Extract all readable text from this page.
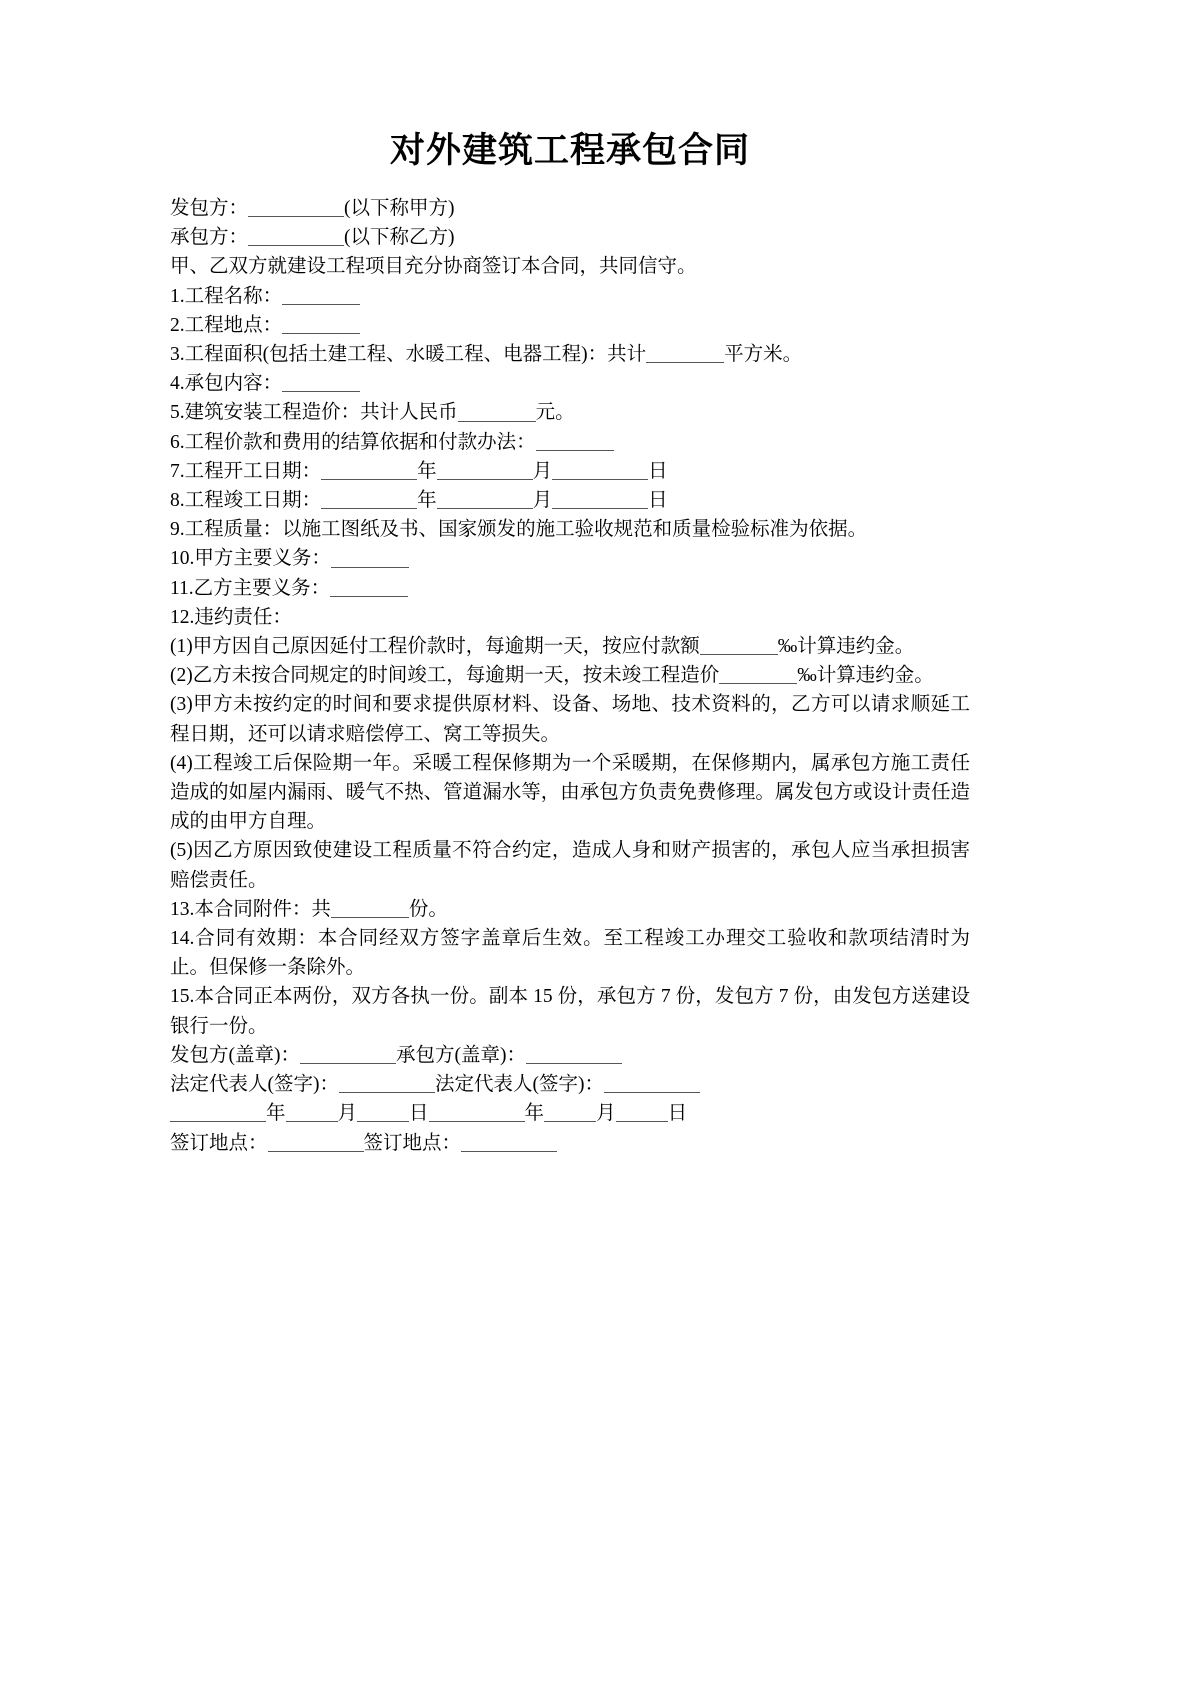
对外建筑工程承包合同

发包方：	(以下称甲方)

承包方：	(以下称乙方)

甲、乙双方就建设工程项目充分协商签订本合同，共同信守。

1.工程名称：

2.工程地点：

3.工程面积(包括土建工程、水暖工程、电器工程)：共计	平方米。

4.承包内容：

5.建筑安装工程造价：共计人民币	元。

6.工程价款和费用的结算依据和付款办法：

7.工程开工日期：	年	月	日

8.工程竣工日期：	年	月	日

9.工程质量：以施工图纸及书、国家颁发的施工验收规范和质量检验标准为依据。

10.甲方主要义务：

11.乙方主要义务：

12.违约责任：

(1)甲方因自己原因延付工程价款时，每逾期一天，按应付款额	‰计算违约金。

(2)乙方未按合同规定的时间竣工，每逾期一天，按未竣工程造价	‰计算违约金。

(3)甲方未按约定的时间和要求提供原材料、设备、场地、技术资料的，乙方可以请求顺延工程日期，还可以请求赔偿停工、窝工等损失。

(4)工程竣工后保险期一年。采暖工程保修期为一个采暖期，在保修期内，属承包方施工责任造成的如屋内漏雨、暖气不热、管道漏水等，由承包方负责免费修理。属发包方或设计责任造成的由甲方自理。

(5)因乙方原因致使建设工程质量不符合约定，造成人身和财产损害的，承包人应当承担损害赔偿责任。

13.本合同附件：共	份。

14.合同有效期：本合同经双方签字盖章后生效。至工程竣工办理交工验收和款项结清时为止。但保修一条除外。

15.本合同正本两份，双方各执一份。副本 15 份，承包方 7 份，发包方 7 份，由发包方送建设银行一份。

发包方(盖章)：	承包方(盖章)：

法定代表人(签字)：	法定代表人(签字)：

年	月	日	年	月	日

签订地点：	签订地点：
